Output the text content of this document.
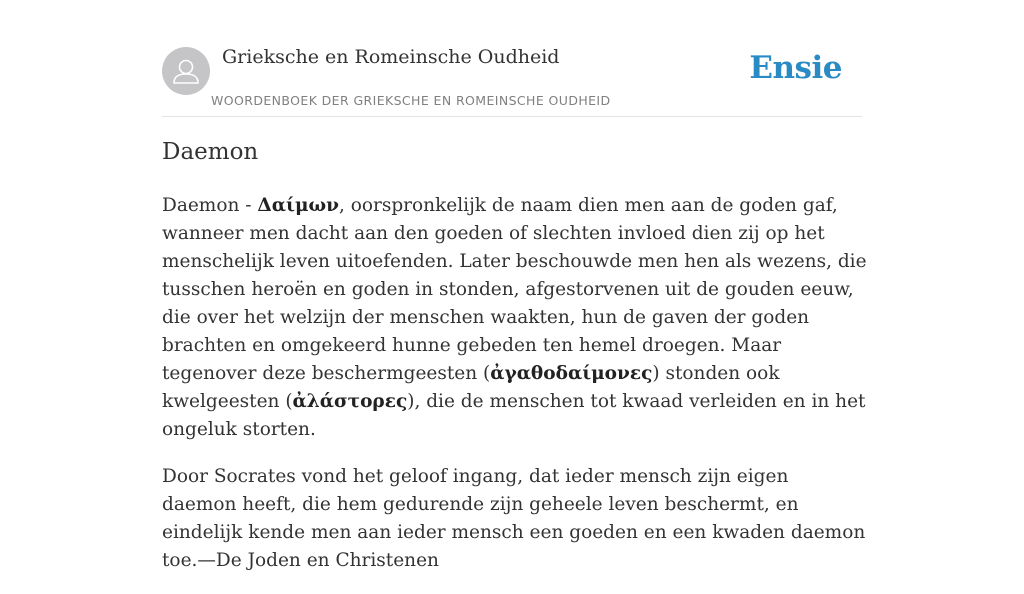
Grieksche en Romeinsche Oudheid
WOORDENBOEK DER GRIEKSCHE EN ROMEINSCHE OUDHEID
Ensie
Daemon

Daemon - Δαίμων, oorspronkelijk de naam dien men aan de goden gaf, wanneer men dacht aan den goeden of slechten invloed dien zij op het menschelijk leven uitoefenden. Later beschouwde men hen als wezens, die tusschen heroën en goden in stonden, afgestorvenen uit de gouden eeuw, die over het welzijn der menschen waakten, hun de gaven der goden brachten en omgekeerd hunne gebeden ten hemel droegen. Maar tegenover deze beschermgeesten (ἀγαθοδαίμονες) stonden ook kwelgeesten (ἀλάστορες), die de menschen tot kwaad verleiden en in het ongeluk storten.

Door Socrates vond het geloof ingang, dat ieder mensch zijn eigen daemon heeft, die hem gedurende zijn geheele leven beschermt, en eindelijk kende men aan ieder mensch een goeden en een kwaden daemon toe.—De Joden en Christenen
